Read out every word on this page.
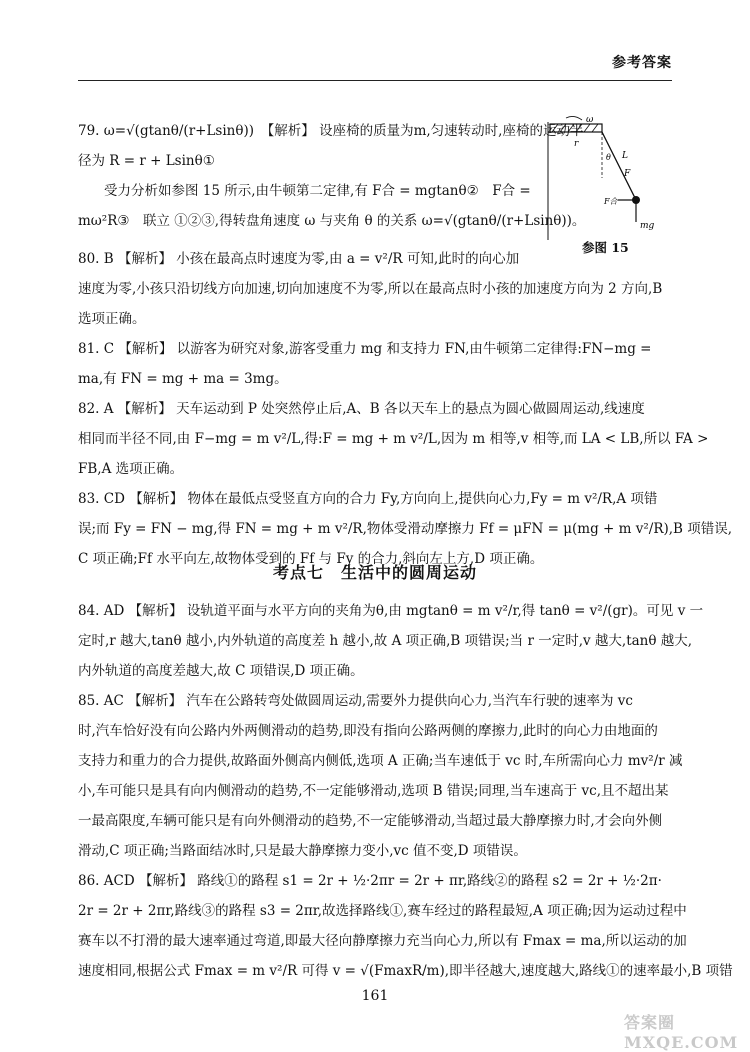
参考答案
79. ω=√(gtanθ/(r+Lsinθ))　【解析】 设座椅的质量为m,匀速转动时,座椅的运动半
径为 R = r + Lsinθ①
受力分析如参图 15 所示,由牛顿第二定律,有 F合 = mgtanθ②　F合 =
mω²R③　联立 ①②③,得转盘角速度 ω 与夹角 θ 的关系 ω=√(gtanθ/(r+Lsinθ))。
ω
L
θ
F
r
F合
mg
参图 15
80. B 【解析】 小孩在最高点时速度为零,由 a = v²/R 可知,此时的向心加
速度为零,小孩只沿切线方向加速,切向加速度不为零,所以在最高点时小孩的加速度方向为 2 方向,B
选项正确。
81. C 【解析】 以游客为研究对象,游客受重力 mg 和支持力 FN,由牛顿第二定律得:FN−mg =
ma,有 FN = mg + ma = 3mg。
82. A 【解析】 天车运动到 P 处突然停止后,A、B 各以天车上的悬点为圆心做圆周运动,线速度
相同而半径不同,由 F−mg = m v²/L,得:F = mg + m v²/L,因为 m 相等,v 相等,而 LA < LB,所以 FA >
FB,A 选项正确。
83. CD 【解析】 物体在最低点受竖直方向的合力 Fy,方向向上,提供向心力,Fy = m v²/R,A 项错
误;而 Fy = FN − mg,得 FN = mg + m v²/R,物体受滑动摩擦力 Ff = μFN = μ(mg + m v²/R),B 项错误,
C 项正确;Ff 水平向左,故物体受到的 Ff 与 Fy 的合力,斜向左上方,D 项正确。
考点七　生活中的圆周运动
84. AD 【解析】 设轨道平面与水平方向的夹角为θ,由 mgtanθ = m v²/r,得 tanθ = v²/(gr)。可见 v 一
定时,r 越大,tanθ 越小,内外轨道的高度差 h 越小,故 A 项正确,B 项错误;当 r 一定时,v 越大,tanθ 越大,
内外轨道的高度差越大,故 C 项错误,D 项正确。
85. AC 【解析】 汽车在公路转弯处做圆周运动,需要外力提供向心力,当汽车行驶的速率为 vc
时,汽车恰好没有向公路内外两侧滑动的趋势,即没有指向公路两侧的摩擦力,此时的向心力由地面的
支持力和重力的合力提供,故路面外侧高内侧低,选项 A 正确;当车速低于 vc 时,车所需向心力 mv²/r 减
小,车可能只是具有向内侧滑动的趋势,不一定能够滑动,选项 B 错误;同理,当车速高于 vc,且不超出某
一最高限度,车辆可能只是有向外侧滑动的趋势,不一定能够滑动,当超过最大静摩擦力时,才会向外侧
滑动,C 项正确;当路面结冰时,只是最大静摩擦力变小,vc 值不变,D 项错误。
86. ACD 【解析】 路线①的路程 s1 = 2r + ½·2πr = 2r + πr,路线②的路程 s2 = 2r + ½·2π·
2r = 2r + 2πr,路线③的路程 s3 = 2πr,故选择路线①,赛车经过的路程最短,A 项正确;因为运动过程中
赛车以不打滑的最大速率通过弯道,即最大径向静摩擦力充当向心力,所以有 Fmax = ma,所以运动的加
速度相同,根据公式 Fmax = m v²/R 可得 v = √(FmaxR/m),即半径越大,速度越大,路线①的速率最小,B 项错
161
答案圈 MXQE.COM
